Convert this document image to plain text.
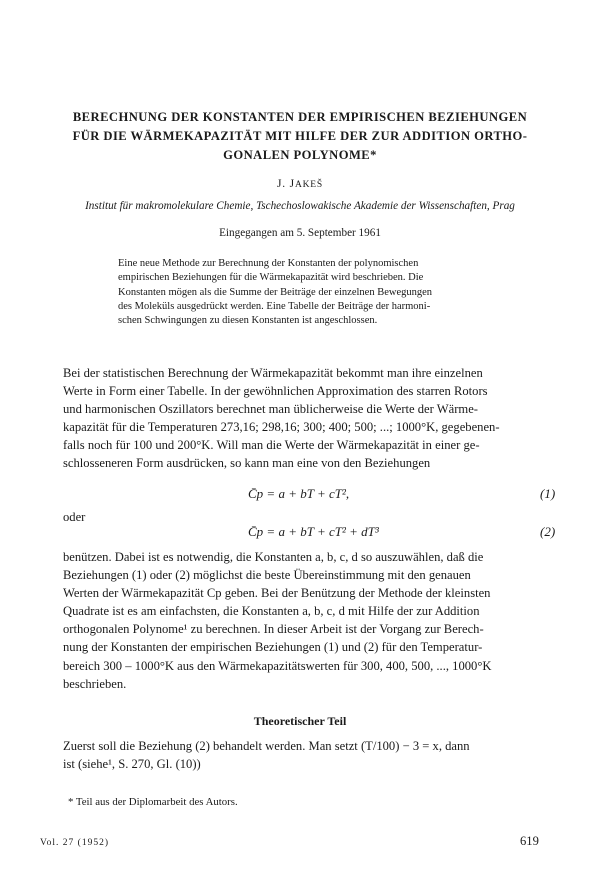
BERECHNUNG DER KONSTANTEN DER EMPIRISCHEN BEZIEHUNGEN
FÜR DIE WÄRMEKAPAZITÄT MIT HILFE DER ZUR ADDITION ORTHO-
GONALEN POLYNOME*
J. JAKEŠ
Institut für makromolekulare Chemie, Tschechoslowakische Akademie der Wissenschaften, Prag
Eingegangen am 5. September 1961
Eine neue Methode zur Berechnung der Konstanten der polynomischen
empirischen Beziehungen für die Wärmekapazität wird beschrieben. Die
Konstanten mögen als die Summe der Beiträge der einzelnen Bewegungen
des Moleküls ausgedrückt werden. Eine Tabelle der Beiträge der harmoni-
schen Schwingungen zu diesen Konstanten ist angeschlossen.
Bei der statistischen Berechnung der Wärmekapazität bekommt man ihre einzelnen
Werte in Form einer Tabelle. In der gewöhnlichen Approximation des starren Rotors
und harmonischen Oszillators berechnet man üblicherweise die Werte der Wärme-
kapazität für die Temperaturen 273,16; 298,16; 300; 400; 500; ...; 1000°K, gegebenen-
falls noch für 100 und 200°K. Will man die Werte der Wärmekapazität in einer ge-
schlosseneren Form ausdrücken, so kann man eine von den Beziehungen
C̄p = a + bT + cT²,	(1)
oder
C̄p = a + bT + cT² + dT³	(2)
benützen. Dabei ist es notwendig, die Konstanten a, b, c, d so auszuwählen, daß die
Beziehungen (1) oder (2) möglichst die beste Übereinstimmung mit den genauen
Werten der Wärmekapazität Cp geben. Bei der Benützung der Methode der kleinsten
Quadrate ist es am einfachsten, die Konstanten a, b, c, d mit Hilfe der zur Addition
orthogonalen Polynome¹ zu berechnen. In dieser Arbeit ist der Vorgang zur Berech-
nung der Konstanten der empirischen Beziehungen (1) und (2) für den Temperatur-
bereich 300 – 1000°K aus den Wärmekapazitätswerten für 300, 400, 500, ..., 1000°K
beschrieben.
Theoretischer Teil
Zuerst soll die Beziehung (2) behandelt werden. Man setzt (T/100) − 3 = x, dann
ist (siehe¹, S. 270, Gl. (10))
* Teil aus der Diplomarbeit des Autors.
Vol. 27 (1952)	619
